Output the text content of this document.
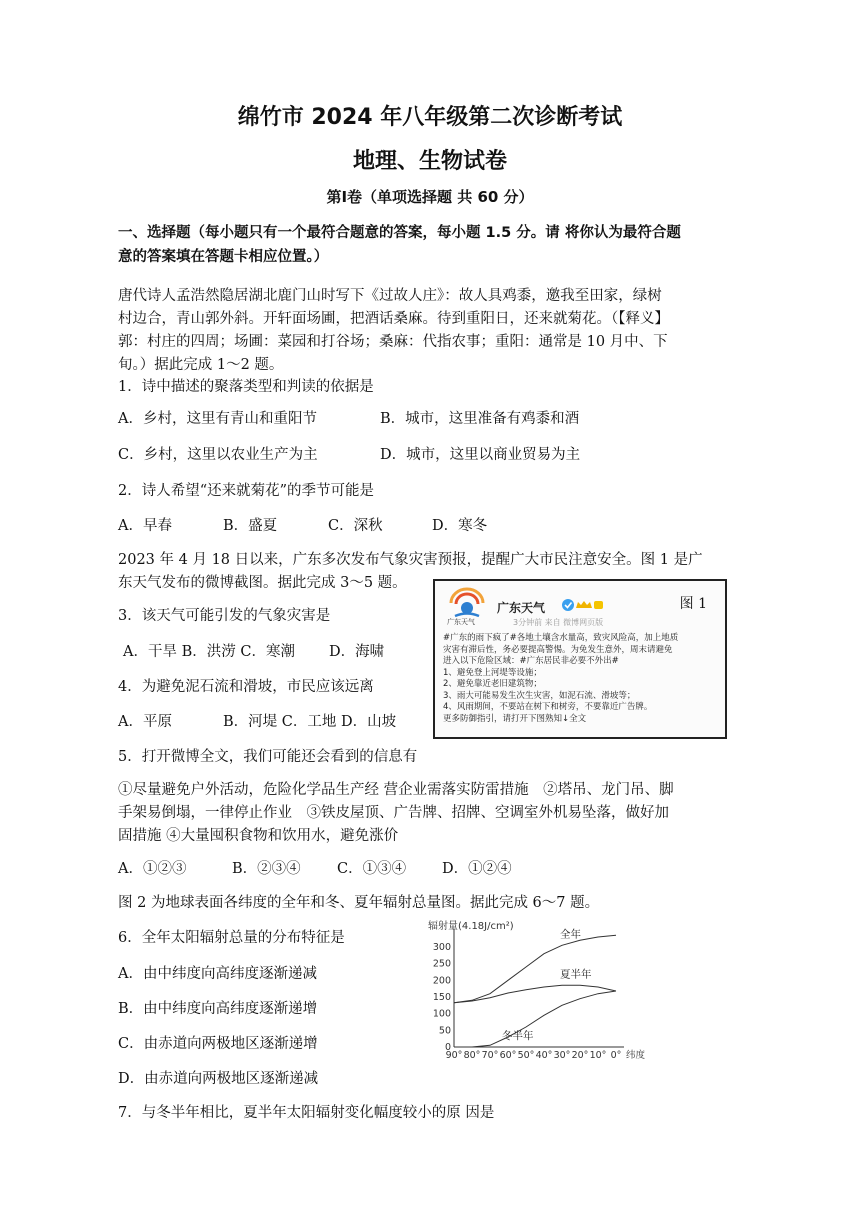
绵竹市 2024 年八年级第二次诊断考试
地理、生物试卷
第Ⅰ卷（单项选择题 共 60 分）
一、选择题（每小题只有一个最符合题意的答案，每小题 1.5 分。请 将你认为最符合题
意的答案填在答题卡相应位置。）
唐代诗人孟浩然隐居湖北鹿门山时写下《过故人庄》：故人具鸡黍，邀我至田家，绿树
村边合，青山郭外斜。开轩面场圃，把酒话桑麻。待到重阳日，还来就菊花。（【释义】
郭：村庄的四周；场圃：菜园和打谷场；桑麻：代指农事；重阳：通常是 10 月中、下
旬。）据此完成 1～2 题。
1．诗中描述的聚落类型和判读的依据是
A．乡村，这里有青山和重阳节	B．城市，这里准备有鸡黍和酒
C．乡村，这里以农业生产为主	D．城市，这里以商业贸易为主
2．诗人希望“还来就菊花”的季节可能是
A．早春	B．盛夏	C．深秋	D．寒冬
2023 年 4 月 18 日以来，广东多次发布气象灾害预报，提醒广大市民注意安全。图 1 是广
东天气发布的微博截图。据此完成 3～5 题。
3．该天气可能引发的气象灾害是
A．干旱 B．洪涝 C．寒潮 D．海啸
4．为避免泥石流和滑坡，市民应该远离
A．平原	B．河堤 C．工地 D．山坡
5．打开微博全文，我们可能还会看到的信息有
①尽量避免户外活动，危险化学品生产经 营企业需落实防雷措施　②塔吊、龙门吊、脚
手架易倒塌，一律停止作业　③铁皮屋顶、广告牌、招牌、空调室外机易坠落，做好加
固措施 ④大量囤积食物和饮用水，避免涨价
A．①②③	B．②③④	C．①③④ D．①②④
图 2 为地球表面各纬度的全年和冬、夏年辐射总量图。据此完成 6～7 题。
6．全年太阳辐射总量的分布特征是
A．由中纬度向高纬度逐渐递减
B．由中纬度向高纬度逐渐递增
C．由赤道向两极地区逐渐递增
D．由赤道向两极地区逐渐递减
7．与冬半年相比，夏半年太阳辐射变化幅度较小的原 因是
广东天气
广东天气
3分钟前 来自 微博网页版
图 1
#广东的雨下疯了#各地土壤含水量高，致灾风险高，加上地质
灾害有滞后性，务必要提高警惕。为免发生意外，周末请避免
进入以下危险区域：#广东居民非必要不外出#
1、避免登上河堤等设施；
2、避免靠近老旧建筑物；
3、雨大可能易发生次生灾害，如泥石流、滑坡等；
4、风雨期间，不要站在树下和树旁，不要靠近广告牌。
更多防御指引，请打开下图熟知↓全文
辐射量(4.18J/cm²)
0
50
100
150
200
250
300
90° 80° 70° 60° 50° 40° 30° 20° 10° 0° 纬度
全年
夏半年
冬半年
